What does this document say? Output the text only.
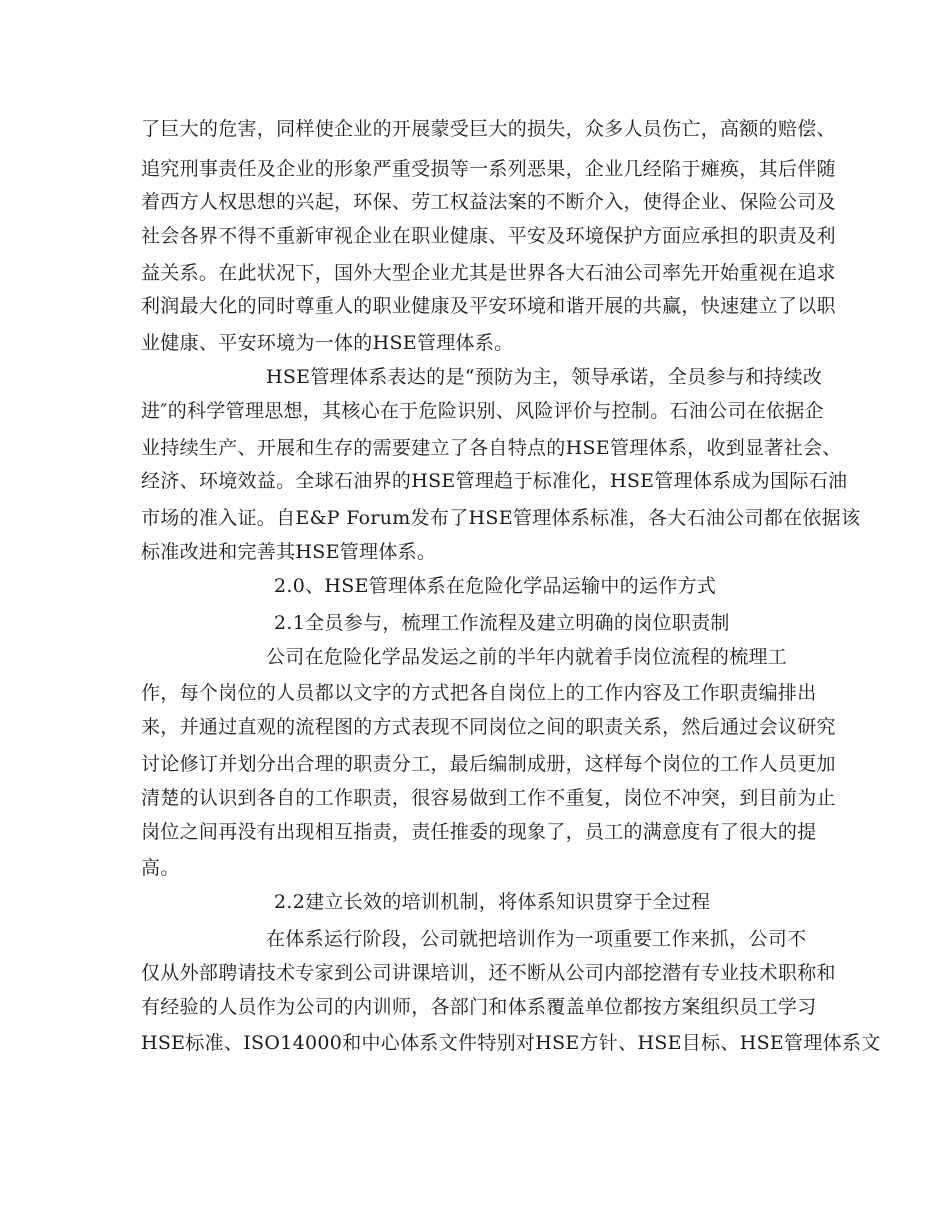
了巨大的危害，同样使企业的开展蒙受巨大的损失，众多人员伤亡，高额的赔偿、
追究刑事责任及企业的形象严重受损等一系列恶果，企业几经陷于瘫痪，其后伴随
着西方人权思想的兴起，环保、劳工权益法案的不断介入，使得企业、保险公司及
社会各界不得不重新审视企业在职业健康、平安及环境保护方面应承担的职责及利
益关系。在此状况下，国外大型企业尤其是世界各大石油公司率先开始重视在追求
利润最大化的同时尊重人的职业健康及平安环境和谐开展的共赢，快速建立了以职
业健康、平安环境为一体的HSE管理体系。
HSE管理体系表达的是“预防为主，领导承诺，全员参与和持续改
进″的科学管理思想，其核心在于危险识别、风险评价与控制。石油公司在依据企
业持续生产、开展和生存的需要建立了各自特点的HSE管理体系，收到显著社会、
经济、环境效益。全球石油界的HSE管理趋于标准化，HSE管理体系成为国际石油
市场的准入证。自E&P Forum发布了HSE管理体系标准，各大石油公司都在依据该
标准改进和完善其HSE管理体系。
2.0、HSE管理体系在危险化学品运输中的运作方式
2.1全员参与，梳理工作流程及建立明确的岗位职责制
公司在危险化学品发运之前的半年内就着手岗位流程的梳理工
作，每个岗位的人员都以文字的方式把各自岗位上的工作内容及工作职责编排出
来，并通过直观的流程图的方式表现不同岗位之间的职责关系，然后通过会议研究
讨论修订并划分出合理的职责分工，最后编制成册，这样每个岗位的工作人员更加
清楚的认识到各自的工作职责，很容易做到工作不重复，岗位不冲突，到目前为止
岗位之间再没有出现相互指责，责任推委的现象了，员工的满意度有了很大的提
高。
2.2建立长效的培训机制，将体系知识贯穿于全过程
在体系运行阶段，公司就把培训作为一项重要工作来抓，公司不
仅从外部聘请技术专家到公司讲课培训，还不断从公司内部挖潜有专业技术职称和
有经验的人员作为公司的内训师，各部门和体系覆盖单位都按方案组织员工学习
HSE标准、ISO14000和中心体系文件特别对HSE方针、HSE目标、HSE管理体系文
